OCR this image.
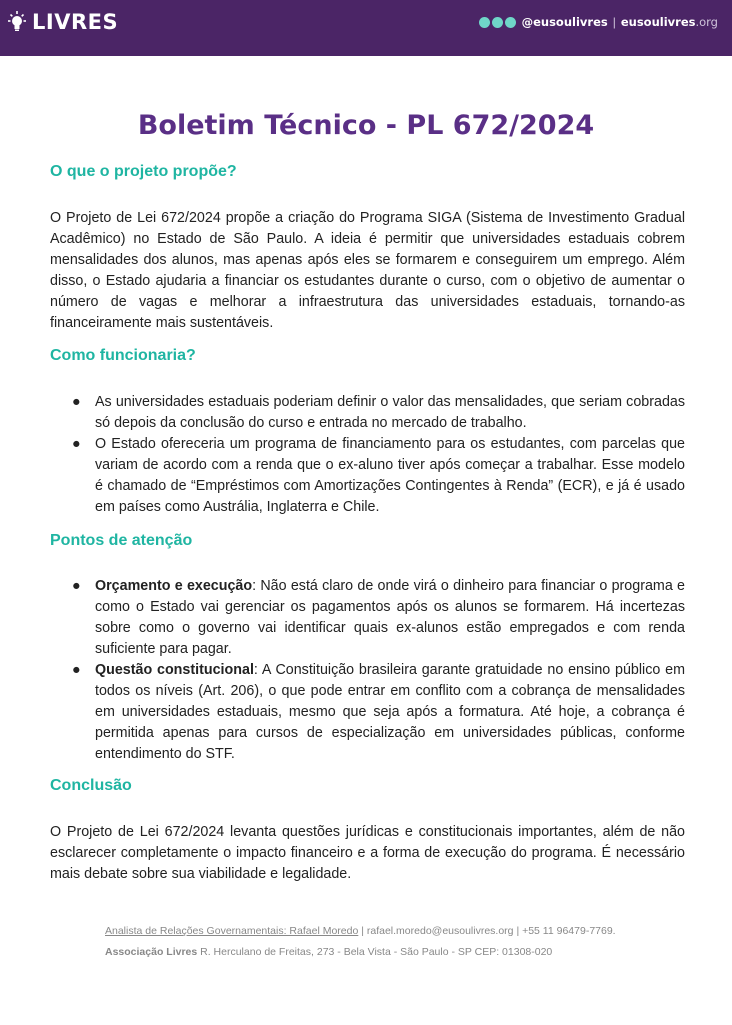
LIVRES	@eusoulivres | eusoulivres.org
Boletim Técnico - PL 672/2024
O que o projeto propõe?

O Projeto de Lei 672/2024 propõe a criação do Programa SIGA (Sistema de Investimento Gradual Acadêmico) no Estado de São Paulo. A ideia é permitir que universidades estaduais cobrem mensalidades dos alunos, mas apenas após eles se formarem e conseguirem um emprego. Além disso, o Estado ajudaria a financiar os estudantes durante o curso, com o objetivo de aumentar o número de vagas e melhorar a infraestrutura das universidades estaduais, tornando-as financeiramente mais sustentáveis.

Como funcionaria?
● As universidades estaduais poderiam definir o valor das mensalidades, que seriam cobradas só depois da conclusão do curso e entrada no mercado de trabalho.
● O Estado ofereceria um programa de financiamento para os estudantes, com parcelas que variam de acordo com a renda que o ex-aluno tiver após começar a trabalhar. Esse modelo é chamado de “Empréstimos com Amortizações Contingentes à Renda” (ECR), e já é usado em países como Austrália, Inglaterra e Chile.
Pontos de atenção
● Orçamento e execução: Não está claro de onde virá o dinheiro para financiar o programa e como o Estado vai gerenciar os pagamentos após os alunos se formarem. Há incertezas sobre como o governo vai identificar quais ex-alunos estão empregados e com renda suficiente para pagar.
● Questão constitucional: A Constituição brasileira garante gratuidade no ensino público em todos os níveis (Art. 206), o que pode entrar em conflito com a cobrança de mensalidades em universidades estaduais, mesmo que seja após a formatura. Até hoje, a cobrança é permitida apenas para cursos de especialização em universidades públicas, conforme entendimento do STF.
Conclusão

O Projeto de Lei 672/2024 levanta questões jurídicas e constitucionais importantes, além de não esclarecer completamente o impacto financeiro e a forma de execução do programa. É necessário mais debate sobre sua viabilidade e legalidade.

Analista de Relações Governamentais: Rafael Moredo | rafael.moredo@eusoulivres.org | +55 11 96479-7769.

Associação Livres R. Herculano de Freitas, 273 - Bela Vista - São Paulo - SP CEP: 01308-020
